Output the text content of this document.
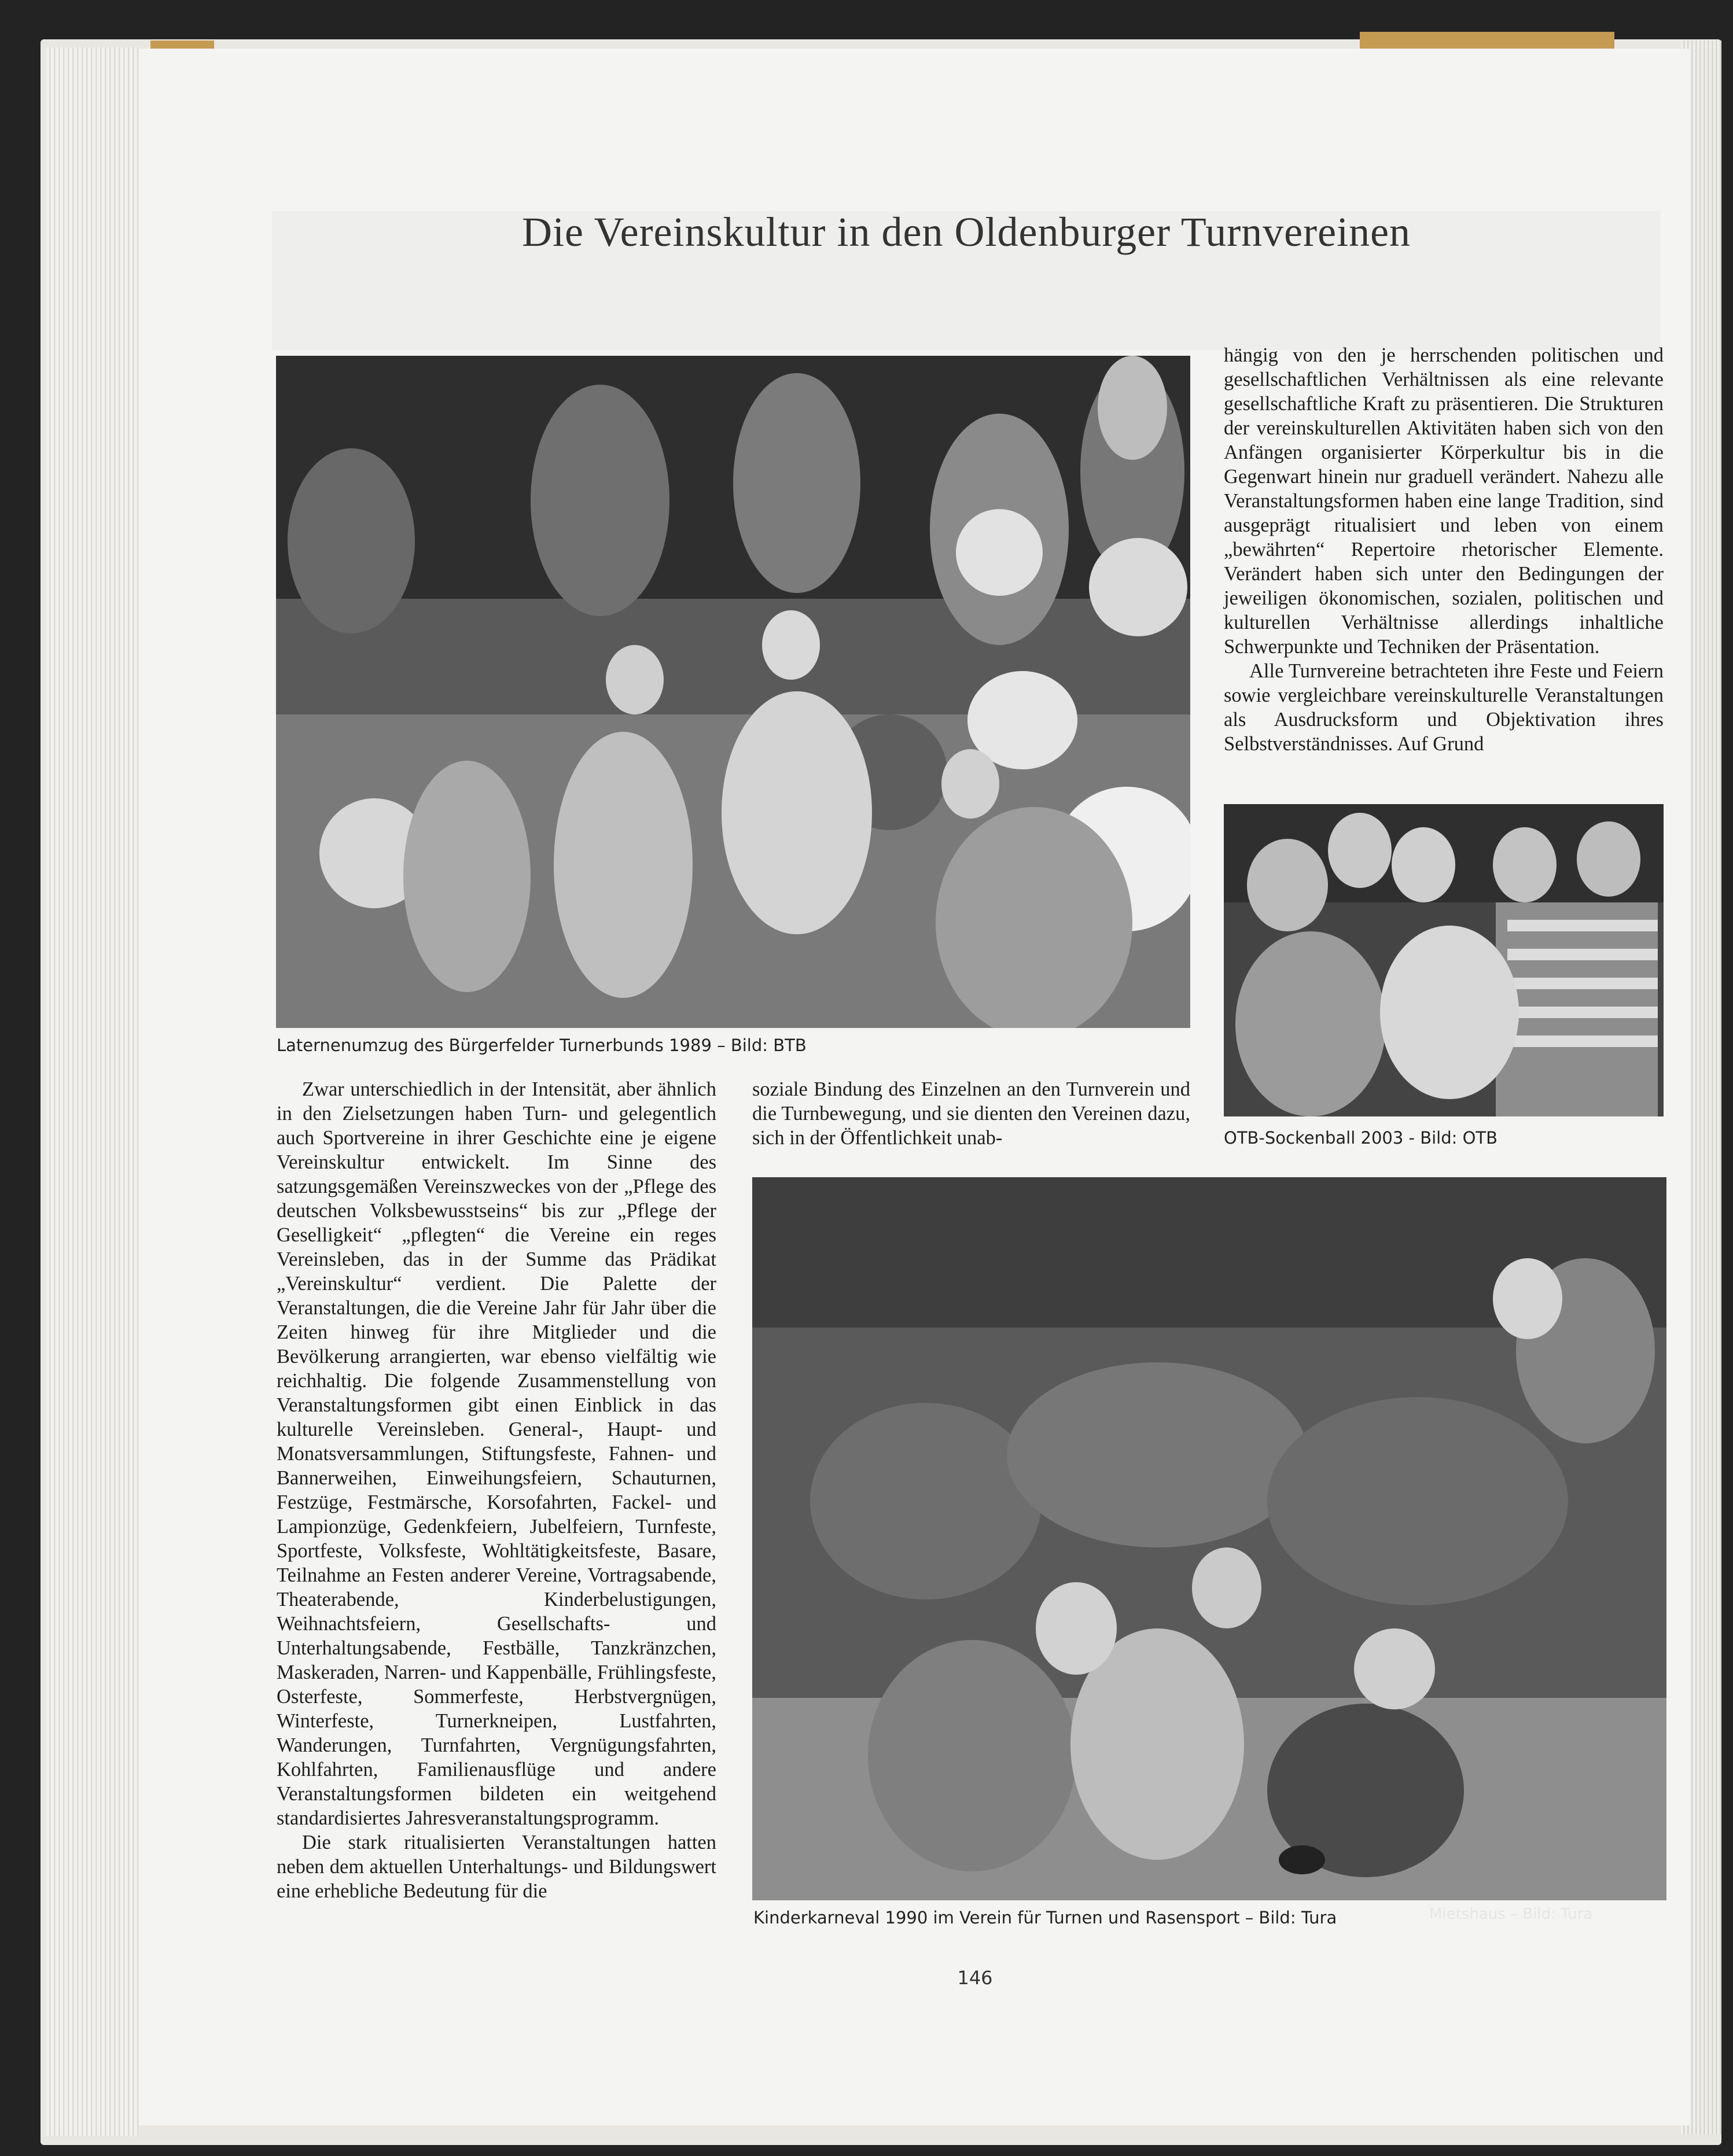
Die Vereinskultur in den Oldenburger Turnvereinen
Laternenumzug des Bürgerfelder Turnerbunds 1989 – Bild: BTB
OTB-Sockenball 2003 - Bild: OTB
Kinderkarneval 1990 im Verein für Turnen und Rasensport – Bild: Tura	Mietshaus – Bild: Tura

Zwar unterschiedlich in der Intensität, aber ähnlich in den Zielsetzungen haben Turn- und gelegentlich auch Sportvereine in ihrer Geschichte eine je eigene Vereinskultur entwickelt. Im Sinne des satzungsgemäßen Vereinszweckes von der „Pflege des deutschen Volksbewusstseins“ bis zur „Pflege der Geselligkeit“ „pflegten“ die Vereine ein reges Vereinsleben, das in der Summe das Prädikat „Vereinskultur“ verdient. Die Palette der Veranstaltungen, die die Vereine Jahr für Jahr über die Zeiten hinweg für ihre Mitglieder und die Bevölkerung arrangierten, war ebenso vielfältig wie reichhaltig. Die folgende Zusammenstellung von Veranstaltungsformen gibt einen Einblick in das kulturelle Vereinsleben. General-, Haupt- und Monatsversammlungen, Stiftungsfeste, Fahnen- und Bannerweihen, Einweihungsfeiern, Schauturnen, Festzüge, Festmärsche, Korsofahrten, Fackel- und Lampionzüge, Gedenkfeiern, Jubelfeiern, Turnfeste, Sportfeste, Volksfeste, Wohltätigkeitsfeste, Basare, Teilnahme an Festen anderer Vereine, Vortragsabende, Theaterabende, Kinderbelustigungen, Weihnachtsfeiern, Gesellschafts- und Unterhaltungsabende, Festbälle, Tanzkränzchen, Maskeraden, Narren- und Kappenbälle, Frühlingsfeste, Osterfeste, Sommerfeste, Herbstvergnügen, Winterfeste, Turnerkneipen, Lustfahrten, Wanderungen, Turnfahrten, Vergnügungsfahrten, Kohlfahrten, Familienausflüge und andere Veranstaltungsformen bildeten ein weitgehend standardisiertes Jahresveranstaltungsprogramm.

Die stark ritualisierten Veranstaltungen hatten neben dem aktuellen Unterhaltungs- und Bildungswert eine erhebliche Bedeutung für die

soziale Bindung des Einzelnen an den Turnverein und die Turnbewegung, und sie dienten den Vereinen dazu, sich in der Öffentlichkeit unab-

hängig von den je herrschenden politischen und gesellschaftlichen Verhältnissen als eine relevante gesellschaftliche Kraft zu präsentieren. Die Strukturen der vereinskulturellen Aktivitäten haben sich von den Anfängen organisierter Körperkultur bis in die Gegenwart hinein nur graduell verändert. Nahezu alle Veranstaltungsformen haben eine lange Tradition, sind ausgeprägt ritualisiert und leben von einem „bewährten“ Repertoire rhetorischer Elemente. Verändert haben sich unter den Bedingungen der jeweiligen ökonomischen, sozialen, politischen und kulturellen Verhältnisse allerdings inhaltliche Schwerpunkte und Techniken der Präsentation.

Alle Turnvereine betrachteten ihre Feste und Feiern sowie vergleichbare vereinskulturelle Veranstaltungen als Ausdrucksform und Objektivation ihres Selbstverständnisses. Auf Grund

146
